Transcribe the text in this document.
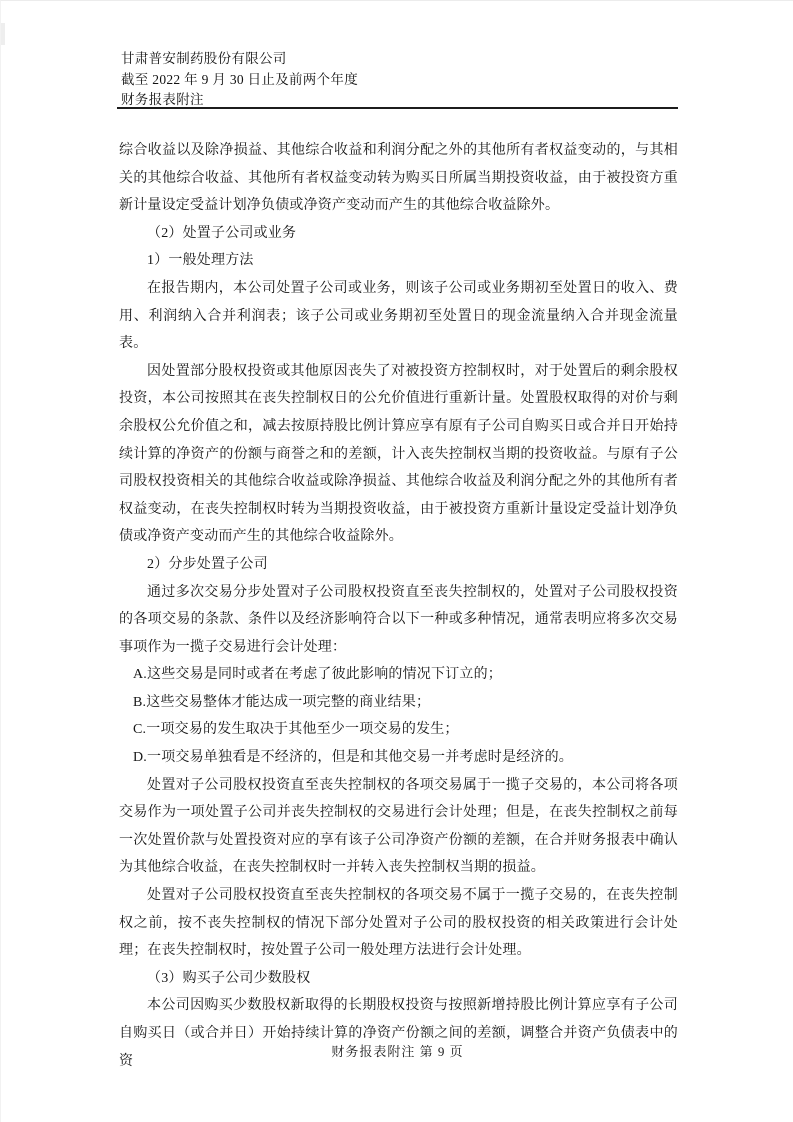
甘肃普安制药股份有限公司
截至 2022 年 9 月 30 日止及前两个年度
财务报表附注

综合收益以及除净损益、其他综合收益和利润分配之外的其他所有者权益变动的，与其相关的其他综合收益、其他所有者权益变动转为购买日所属当期投资收益，由于被投资方重新计量设定受益计划净负债或净资产变动而产生的其他综合收益除外。

（2）处置子公司或业务

1）一般处理方法

在报告期内，本公司处置子公司或业务，则该子公司或业务期初至处置日的收入、费用、利润纳入合并利润表；该子公司或业务期初至处置日的现金流量纳入合并现金流量表。

因处置部分股权投资或其他原因丧失了对被投资方控制权时，对于处置后的剩余股权投资，本公司按照其在丧失控制权日的公允价值进行重新计量。处置股权取得的对价与剩余股权公允价值之和，减去按原持股比例计算应享有原有子公司自购买日或合并日开始持续计算的净资产的份额与商誉之和的差额，计入丧失控制权当期的投资收益。与原有子公司股权投资相关的其他综合收益或除净损益、其他综合收益及利润分配之外的其他所有者权益变动，在丧失控制权时转为当期投资收益，由于被投资方重新计量设定受益计划净负债或净资产变动而产生的其他综合收益除外。

2）分步处置子公司

通过多次交易分步处置对子公司股权投资直至丧失控制权的，处置对子公司股权投资的各项交易的条款、条件以及经济影响符合以下一种或多种情况，通常表明应将多次交易事项作为一揽子交易进行会计处理：

A.这些交易是同时或者在考虑了彼此影响的情况下订立的；

B.这些交易整体才能达成一项完整的商业结果；

C.一项交易的发生取决于其他至少一项交易的发生；

D.一项交易单独看是不经济的，但是和其他交易一并考虑时是经济的。

处置对子公司股权投资直至丧失控制权的各项交易属于一揽子交易的，本公司将各项交易作为一项处置子公司并丧失控制权的交易进行会计处理；但是，在丧失控制权之前每一次处置价款与处置投资对应的享有该子公司净资产份额的差额，在合并财务报表中确认为其他综合收益，在丧失控制权时一并转入丧失控制权当期的损益。

处置对子公司股权投资直至丧失控制权的各项交易不属于一揽子交易的，在丧失控制权之前，按不丧失控制权的情况下部分处置对子公司的股权投资的相关政策进行会计处理；在丧失控制权时，按处置子公司一般处理方法进行会计处理。

（3）购买子公司少数股权

本公司因购买少数股权新取得的长期股权投资与按照新增持股比例计算应享有子公司自购买日（或合并日）开始持续计算的净资产份额之间的差额，调整合并资产负债表中的资

财务报表附注 第 9 页
